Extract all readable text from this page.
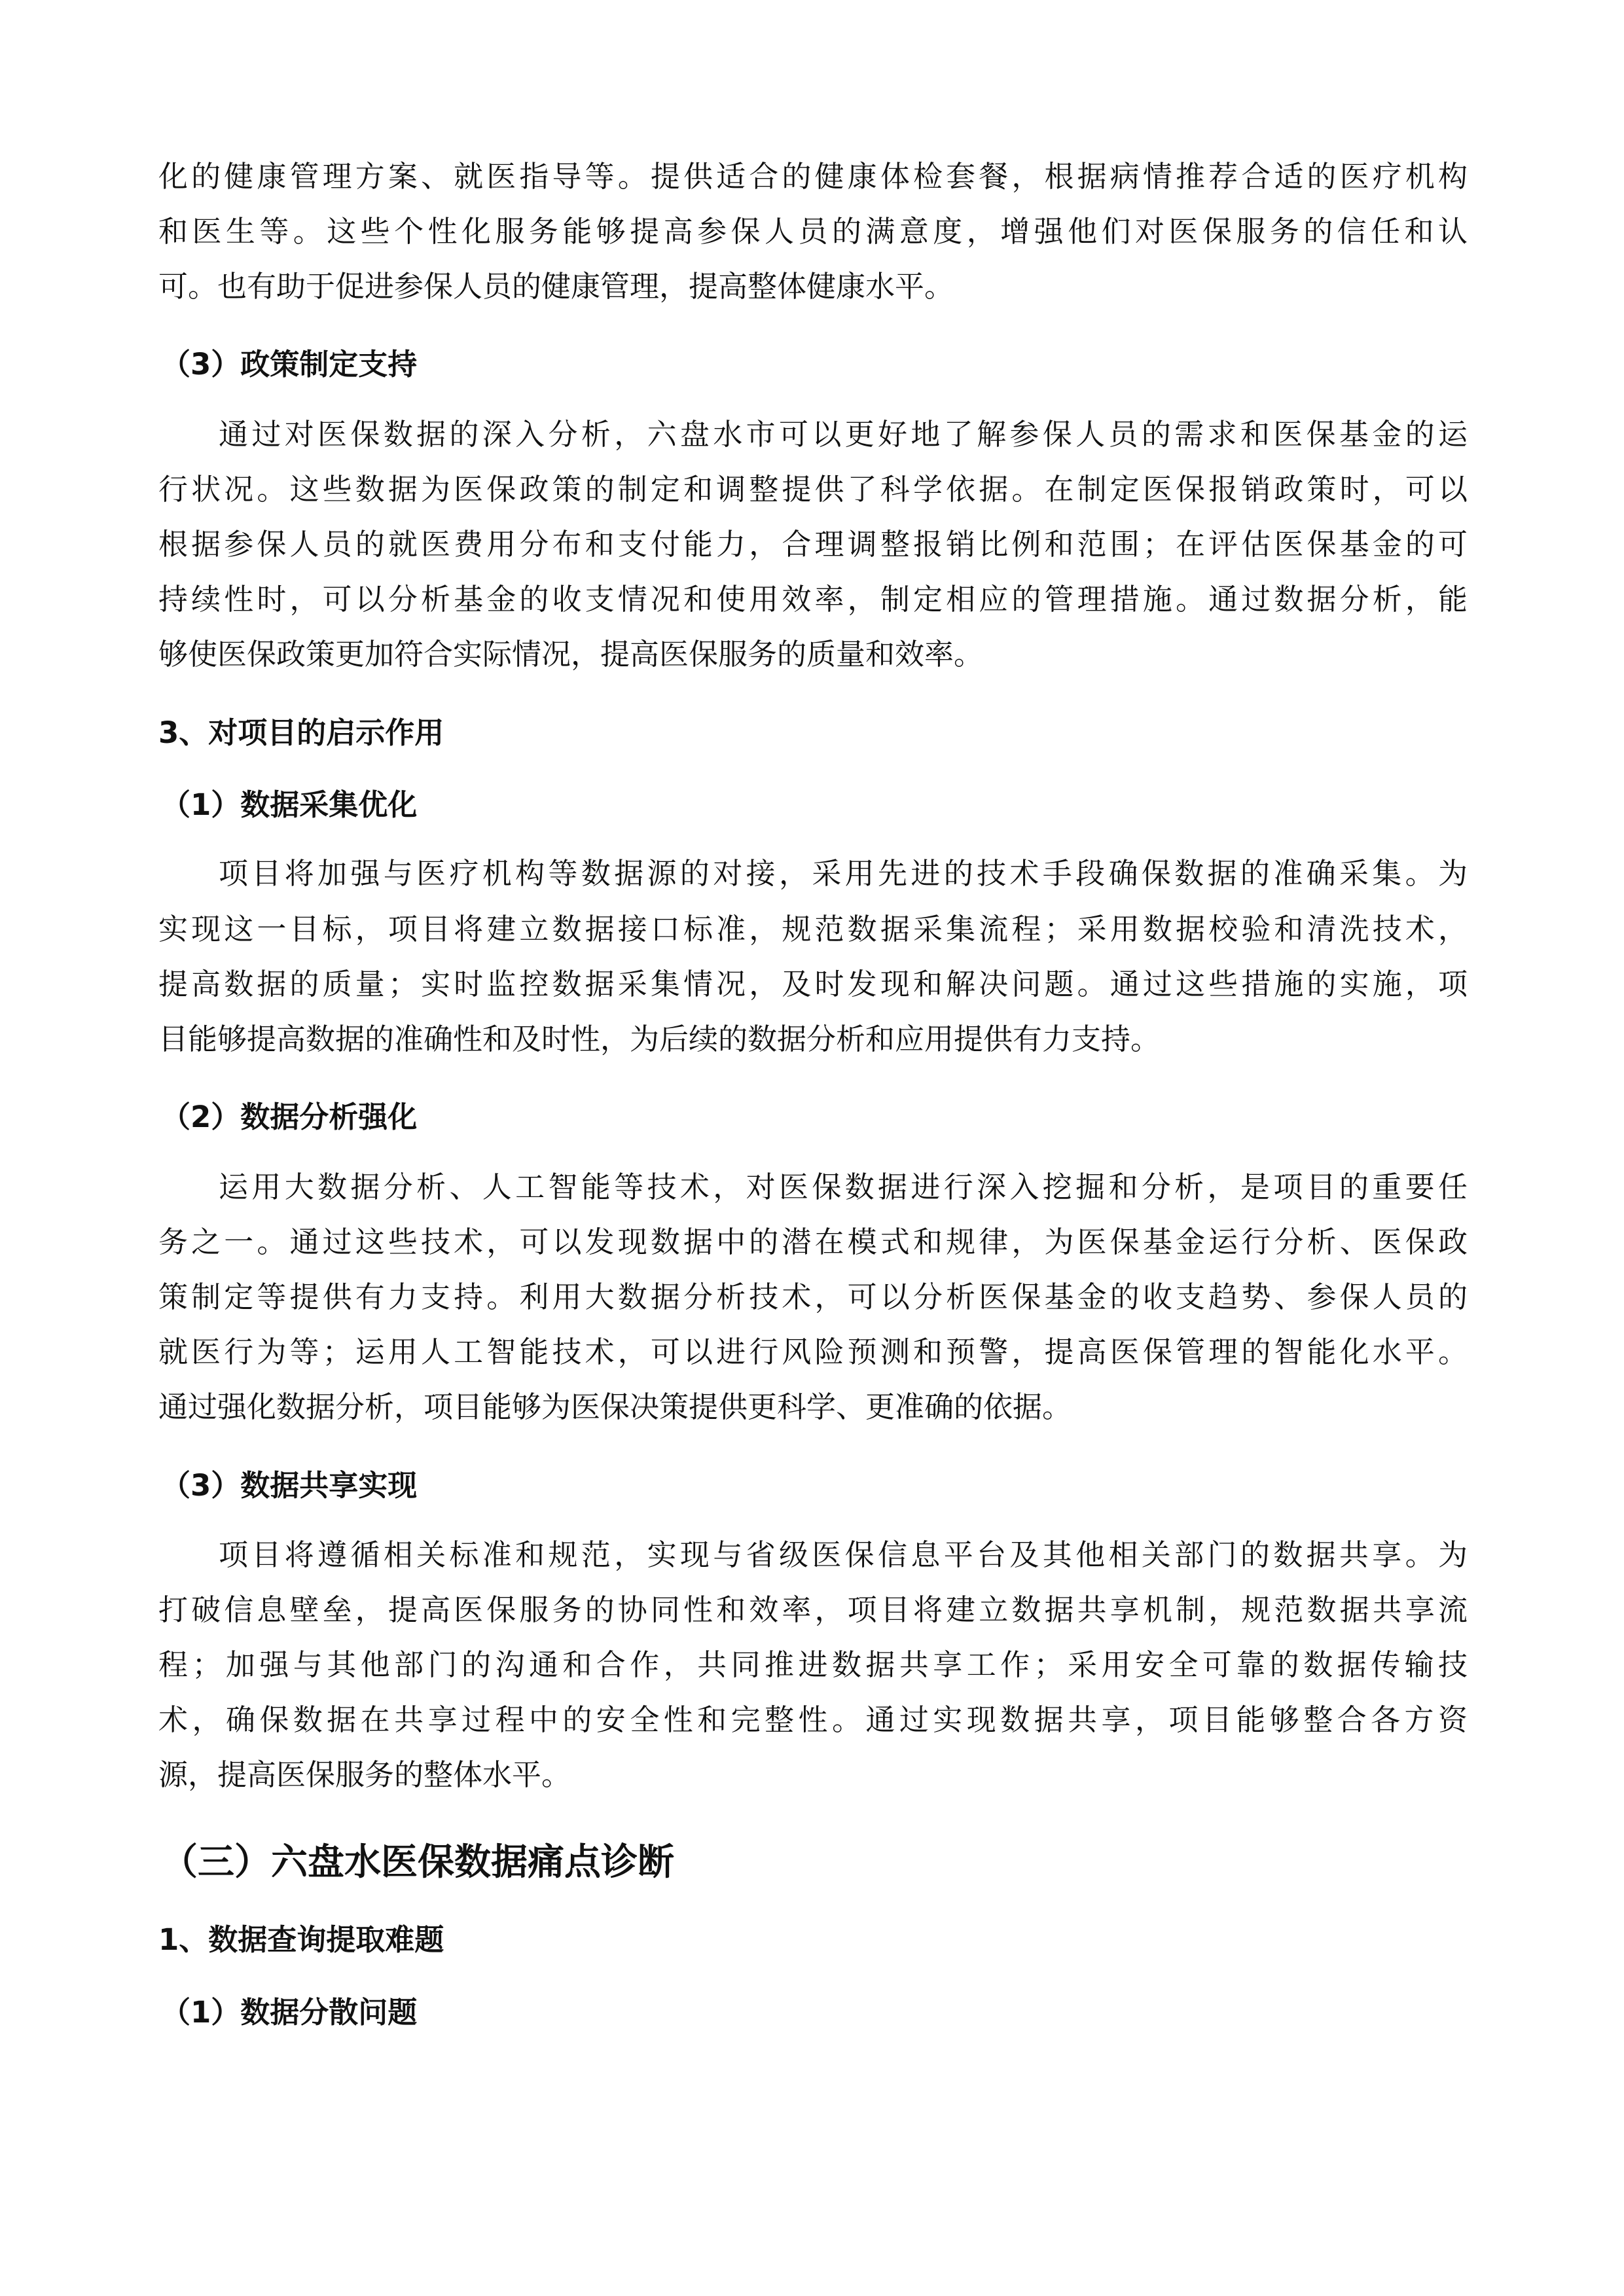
化的健康管理方案、就医指导等。提供适合的健康体检套餐，根据病情推荐合适的医疗机构
和医生等。这些个性化服务能够提高参保人员的满意度，增强他们对医保服务的信任和认
可。也有助于促进参保人员的健康管理，提高整体健康水平。
（3）政策制定支持
通过对医保数据的深入分析，六盘水市可以更好地了解参保人员的需求和医保基金的运
行状况。这些数据为医保政策的制定和调整提供了科学依据。在制定医保报销政策时，可以
根据参保人员的就医费用分布和支付能力，合理调整报销比例和范围；在评估医保基金的可
持续性时，可以分析基金的收支情况和使用效率，制定相应的管理措施。通过数据分析，能
够使医保政策更加符合实际情况，提高医保服务的质量和效率。
3、对项目的启示作用
（1）数据采集优化
项目将加强与医疗机构等数据源的对接，采用先进的技术手段确保数据的准确采集。为
实现这一目标，项目将建立数据接口标准，规范数据采集流程；采用数据校验和清洗技术，
提高数据的质量；实时监控数据采集情况，及时发现和解决问题。通过这些措施的实施，项
目能够提高数据的准确性和及时性，为后续的数据分析和应用提供有力支持。
（2）数据分析强化
运用大数据分析、人工智能等技术，对医保数据进行深入挖掘和分析，是项目的重要任
务之一。通过这些技术，可以发现数据中的潜在模式和规律，为医保基金运行分析、医保政
策制定等提供有力支持。利用大数据分析技术，可以分析医保基金的收支趋势、参保人员的
就医行为等；运用人工智能技术，可以进行风险预测和预警，提高医保管理的智能化水平。
通过强化数据分析，项目能够为医保决策提供更科学、更准确的依据。
（3）数据共享实现
项目将遵循相关标准和规范，实现与省级医保信息平台及其他相关部门的数据共享。为
打破信息壁垒，提高医保服务的协同性和效率，项目将建立数据共享机制，规范数据共享流
程；加强与其他部门的沟通和合作，共同推进数据共享工作；采用安全可靠的数据传输技
术，确保数据在共享过程中的安全性和完整性。通过实现数据共享，项目能够整合各方资
源，提高医保服务的整体水平。
（三）六盘水医保数据痛点诊断
1、数据查询提取难题
（1）数据分散问题
